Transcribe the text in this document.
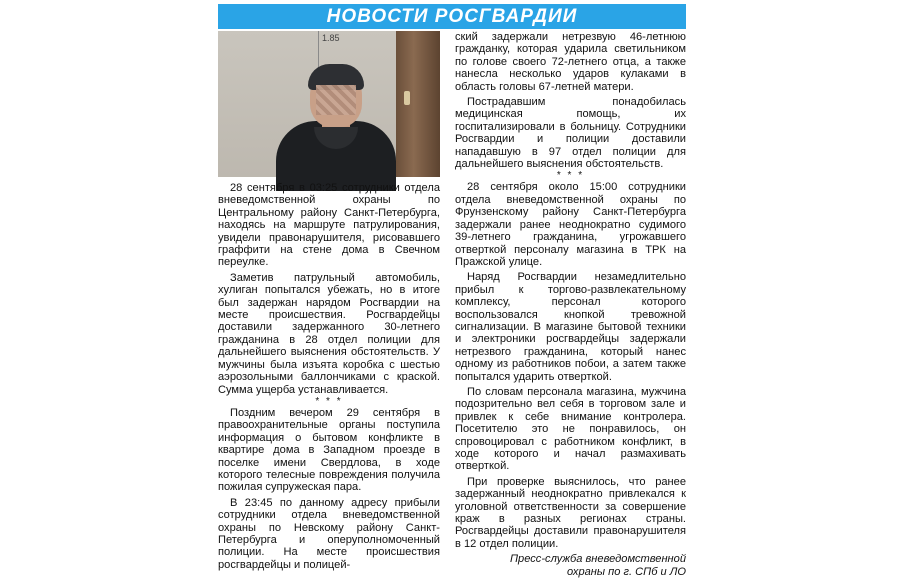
НОВОСТИ РОСГВАРДИИ
1.85

28 сентября в 03:25 сотрудники отдела вневедомственной охраны по Центральному району Санкт-Петербурга, находясь на маршруте патрулирования, увидели правонарушителя, рисовавшего граффити на стене дома в Свечном переулке.

Заметив патрульный автомобиль, хулиган попытался убежать, но в итоге был задержан нарядом Росгвардии на месте происшествия. Росгвардейцы доставили задержанного 30-летнего гражданина в 28 отдел полиции для дальнейшего выяснения обстоятельств. У мужчины была изъята коробка с шестью аэрозольными баллончиками с краской. Сумма ущерба устанавливается.

* * *

Поздним вечером 29 сентября в правоохранительные органы поступила информация о бытовом конфликте в квартире дома в Западном проезде в поселке имени Свердлова, в ходе которого телесные повреждения получила пожилая супружеская пара.

В 23:45 по данному адресу прибыли сотрудники отдела вневедомственной охраны по Невскому району Санкт-Петербурга и оперуполномоченный полиции. На месте происшествия росгвардейцы и полицей-

ский задержали нетрезвую 46-летнюю гражданку, которая ударила светильником по голове своего 72-летнего отца, а также нанесла несколько ударов кулаками в область головы 67-летней матери.

Пострадавшим понадобилась медицинская помощь, их госпитализировали в больницу. Сотрудники Росгвардии и полиции доставили нападавшую в 97 отдел полиции для дальнейшего выяснения обстоятельств.

* * *

28 сентября около 15:00 сотрудники отдела вневедомственной охраны по Фрунзенскому району Санкт-Петербурга задержали ранее неоднократно судимого 39-летнего гражданина, угрожавшего отверткой персоналу магазина в ТРК на Пражской улице.

Наряд Росгвардии незамедлительно прибыл к торгово-развлекательному комплексу, персонал которого воспользовался кнопкой тревожной сигнализации. В магазине бытовой техники и электроники росгвардейцы задержали нетрезвого гражданина, который нанес одному из работников побои, а затем также попытался ударить отверткой.

По словам персонала магазина, мужчина подозрительно вел себя в торговом зале и привлек к себе внимание контролера. Посетителю это не понравилось, он спровоцировал с работником конфликт, в ходе которого и начал размахивать отверткой.

При проверке выяснилось, что ранее задержанный неоднократно привлекался к уголовной ответственности за совершение краж в разных регионах страны. Росгвардейцы доставили правонарушителя в 12 отдел полиции.

Пресс-служба вневедомственной
охраны по г. СПб и ЛО
